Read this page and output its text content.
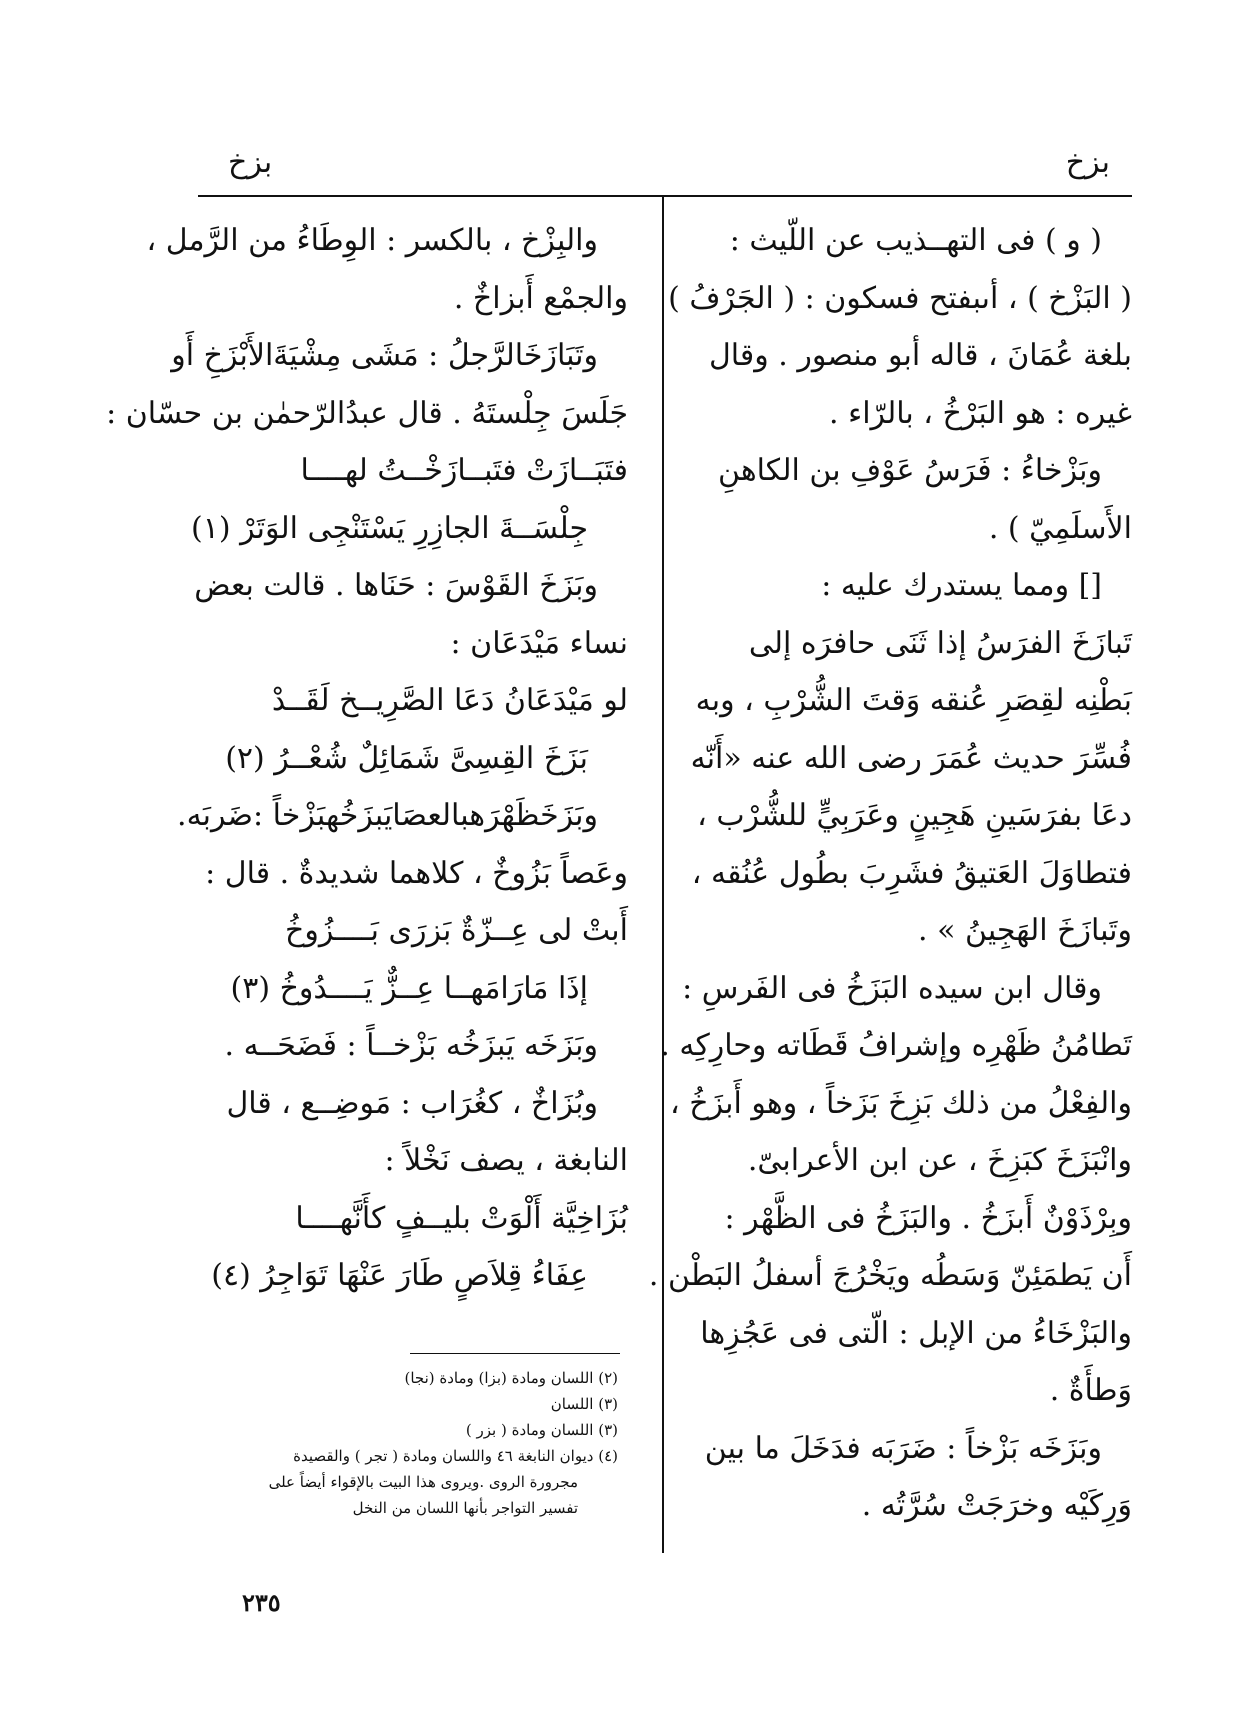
بزخ
بزخ
( و ) فى التهــذيب عن اللّيث :
( البَزْخ ) ، أىبفتح فسكون : ( الجَرْفُ )
بلغة عُمَانَ ، قاله أبو منصور . وقال
غيره : هو البَرْخُ ، بالرّاء .
وبَزْخاءُ : فَرَسُ عَوْفِ بن الكاهنِ
الأَسلَمِيّ ) .
[] ومما يستدرك عليه :
تَبازَخَ الفرَسُ إذا ثَنَى حافرَه إلى
بَطْنِه لقِصَرِ عُنقه وَقتَ الشُّرْبِ ، وبه
فُسِّرَ حديث عُمَرَ رضى الله عنه «أَنّه
دعَا بفرَسَينِ هَجِينٍ وعَرَبِيٍّ للشُّرْب ،
فتطاوَلَ العَتيقُ فشَرِبَ بطُول عُنُقه ،
وتَبازَخَ الهَجِينُ » .
وقال ابن سيده البَزَخُ فى الفَرسِ :
تَطامُنُ ظَهْرِه وإشرافُ قَطَاته وحارِكِه .
والفِعْلُ من ذلك بَزِخَ بَزَخاً ، وهو أَبزَخُ ،
وانْبَزَخَ كبَزِخَ ، عن ابن الأعرابىّ.
وبِرْذَوْنٌ أَبزَخُ . والبَزَخُ فى الظَّهْر :
أَن يَطمَئِنّ وَسَطُه ويَخْرُجَ أسفلُ البَطْن .
والبَزْخَاءُ من الإبل : الّتى فى عَجُزِها
وَطأَةٌ .
وبَزَخَه بَزْخاً : ضَرَبَه فدَخَلَ ما بين
وَرِكَيْه وخرَجَتْ سُرَّتُه .
والبِزْخ ، بالكسر : الوِطَاءُ من الرَّمل ،
والجمْع أَبزاخٌ .
وتَبَازَخَالرَّجلُ : مَشَى مِشْيَةَالأَبْزَخِ أَو
جَلَسَ جِلْستَهُ . قال عبدُالرّحمٰن بن حسّان :
فتَبَــازَتْ فتَبــازَخْــتُ لهــــا
جِلْسَــةَ الجازِرِ يَسْتَنْجِى الوَتَرْ (١)
وبَزَخَ القَوْسَ : حَنَاها . قالت بعض
نساء مَيْدَعَان :
لو مَيْدَعَانُ دَعَا الصَّرِيــخ لَقَــدْ
بَزَخَ القِسِىَّ شَمَائِلٌ شُعْــرُ (٢)
وبَزَخَظَهْرَهبالعصَايَبزَخُهبَزْخاً :ضَربَه.
وعَصاً بَزُوخٌ ، كلاهما شديدةٌ . قال :
أَبتْ لى عِــزّةٌ بَزرَى بَــــزُوخُ
إذَا مَارَامَهــا عِــزٌّ يَــــدُوخُ (٣)
وبَزَخَه يَبزَخُه بَزْخــاً : فَضَحَــه .
وبُزَاخٌ ، كغُرَاب : مَوضِــع ، قال
النابغة ، يصف نَخْلاً :
بُزَاخِيَّة أَلْوَتْ بليــفٍ كأَنَّهــــا
عِفَاءُ قِلاَصٍ طَارَ عَنْهَا تَوَاجِرُ (٤)
(٢) اللسان ومادة (بزا) ومادة (نجا)
(٣) اللسان
(٣) اللسان ومادة ( بزر )
(٤) ديوان النابغة ٤٦ واللسان ومادة ( تجر ) والقصيدة
مجرورة الروى .ويروى هذا البيت بالإقواء أيضاً على
تفسير التواجر بأنها اللسان من النخل
٢٣٥
